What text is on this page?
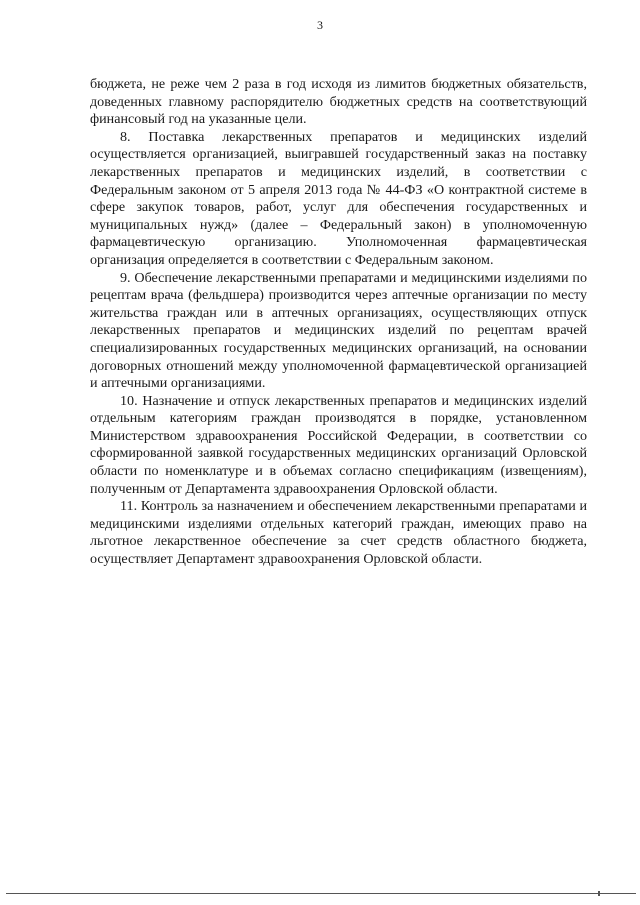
3

бюджета, не реже чем 2 раза в год исходя из лимитов бюджетных обязательств, доведенных главному распорядителю бюджетных средств на соответствующий финансовый год на указанные цели.

8. Поставка лекарственных препаратов и медицинских изделий осуществляется организацией, выигравшей государственный заказ на поставку лекарственных препаратов и медицинских изделий, в соответствии с Федеральным законом от 5 апреля 2013 года № 44-ФЗ «О контрактной системе в сфере закупок товаров, работ, услуг для обеспечения государственных и муниципальных нужд» (далее – Федеральный закон) в уполномоченную фармацевтическую организацию. Уполномоченная фармацевтическая организация определяется в соответствии с Федеральным законом.

9. Обеспечение лекарственными препаратами и медицинскими изделиями по рецептам врача (фельдшера) производится через аптечные организации по месту жительства граждан или в аптечных организациях, осуществляющих отпуск лекарственных препаратов и медицинских изделий по рецептам врачей специализированных государственных медицинских организаций, на основании договорных отношений между уполномоченной фармацевтической организацией и аптечными организациями.

10. Назначение и отпуск лекарственных препаратов и медицинских изделий отдельным категориям граждан производятся в порядке, установленном Министерством здравоохранения Российской Федерации, в соответствии со сформированной заявкой государственных медицинских организаций Орловской области по номенклатуре и в объемах согласно спецификациям (извещениям), полученным от Департамента здравоохранения Орловской области.

11. Контроль за назначением и обеспечением лекарственными препаратами и медицинскими изделиями отдельных категорий граждан, имеющих право на льготное лекарственное обеспечение за счет средств областного бюджета, осуществляет Департамент здравоохранения Орловской области.
